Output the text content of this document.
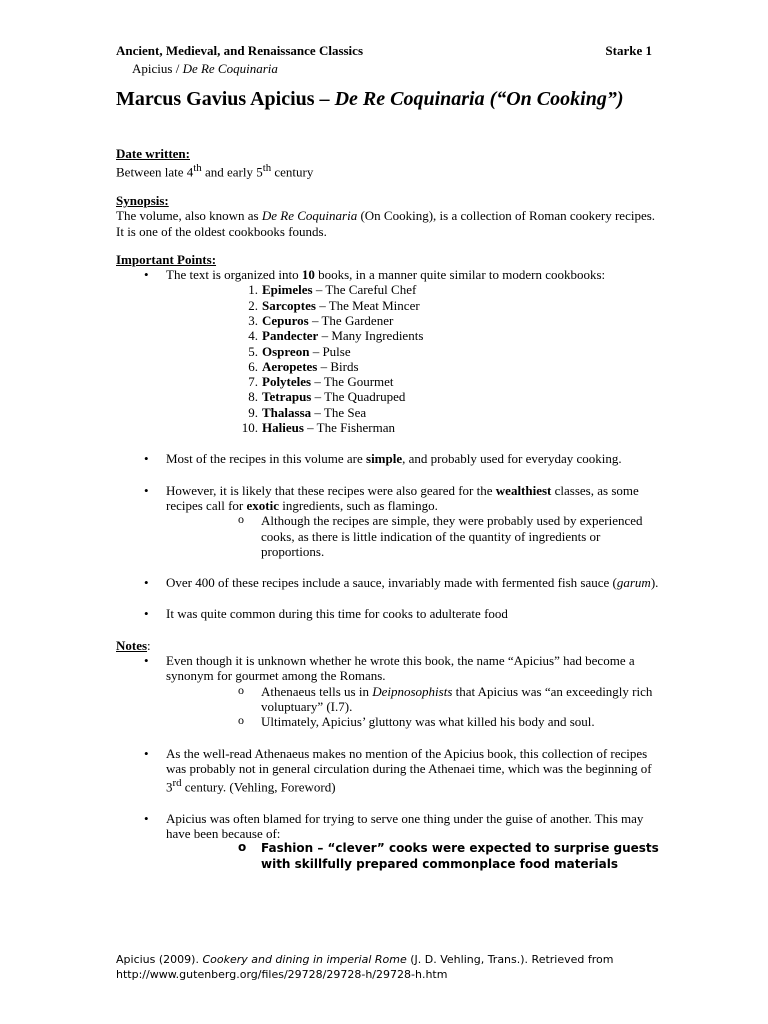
Ancient, Medieval, and Renaissance Classics	Starke 1
Apicius / De Re Coquinaria
Marcus Gavius Apicius – De Re Coquinaria (“On Cooking”)
Date written:

Between late 4th and early 5th century

Synopsis:

The volume, also known as De Re Coquinaria (On Cooking), is a collection of Roman cookery recipes. It is one of the oldest cookbooks founds.

Important Points:
• The text is organized into 10 books, in a manner quite similar to modern cookbooks:
1. Epimeles – The Careful Chef
2. Sarcoptes – The Meat Mincer
3. Cepuros – The Gardener
4. Pandecter – Many Ingredients
5. Ospreon – Pulse
6. Aeropetes – Birds
7. Polyteles – The Gourmet
8. Tetrapus – The Quadruped
9. Thalassa – The Sea
10. Halieus – The Fisherman
• Most of the recipes in this volume are simple, and probably used for everyday cooking.
• However, it is likely that these recipes were also geared for the wealthiest classes, as some recipes call for exotic ingredients, such as flamingo.
o Although the recipes are simple, they were probably used by experienced cooks, as there is little indication of the quantity of ingredients or proportions.
• Over 400 of these recipes include a sauce, invariably made with fermented fish sauce (garum).
• It was quite common during this time for cooks to adulterate food
Notes:
• Even though it is unknown whether he wrote this book, the name “Apicius” had become a synonym for gourmet among the Romans.
o Athenaeus tells us in Deipnosophists that Apicius was “an exceedingly rich voluptuary” (I.7).
o Ultimately, Apicius’ gluttony was what killed his body and soul.
• As the well-read Athenaeus makes no mention of the Apicius book, this collection of recipes was probably not in general circulation during the Athenaei time, which was the beginning of 3rd century. (Vehling, Foreword)
• Apicius was often blamed for trying to serve one thing under the guise of another. This may have been because of:
o Fashion – “clever” cooks were expected to surprise guests with skillfully prepared commonplace food materials
Apicius (2009). Cookery and dining in imperial Rome (J. D. Vehling, Trans.). Retrieved from
http://www.gutenberg.org/files/29728/29728-h/29728-h.htm
